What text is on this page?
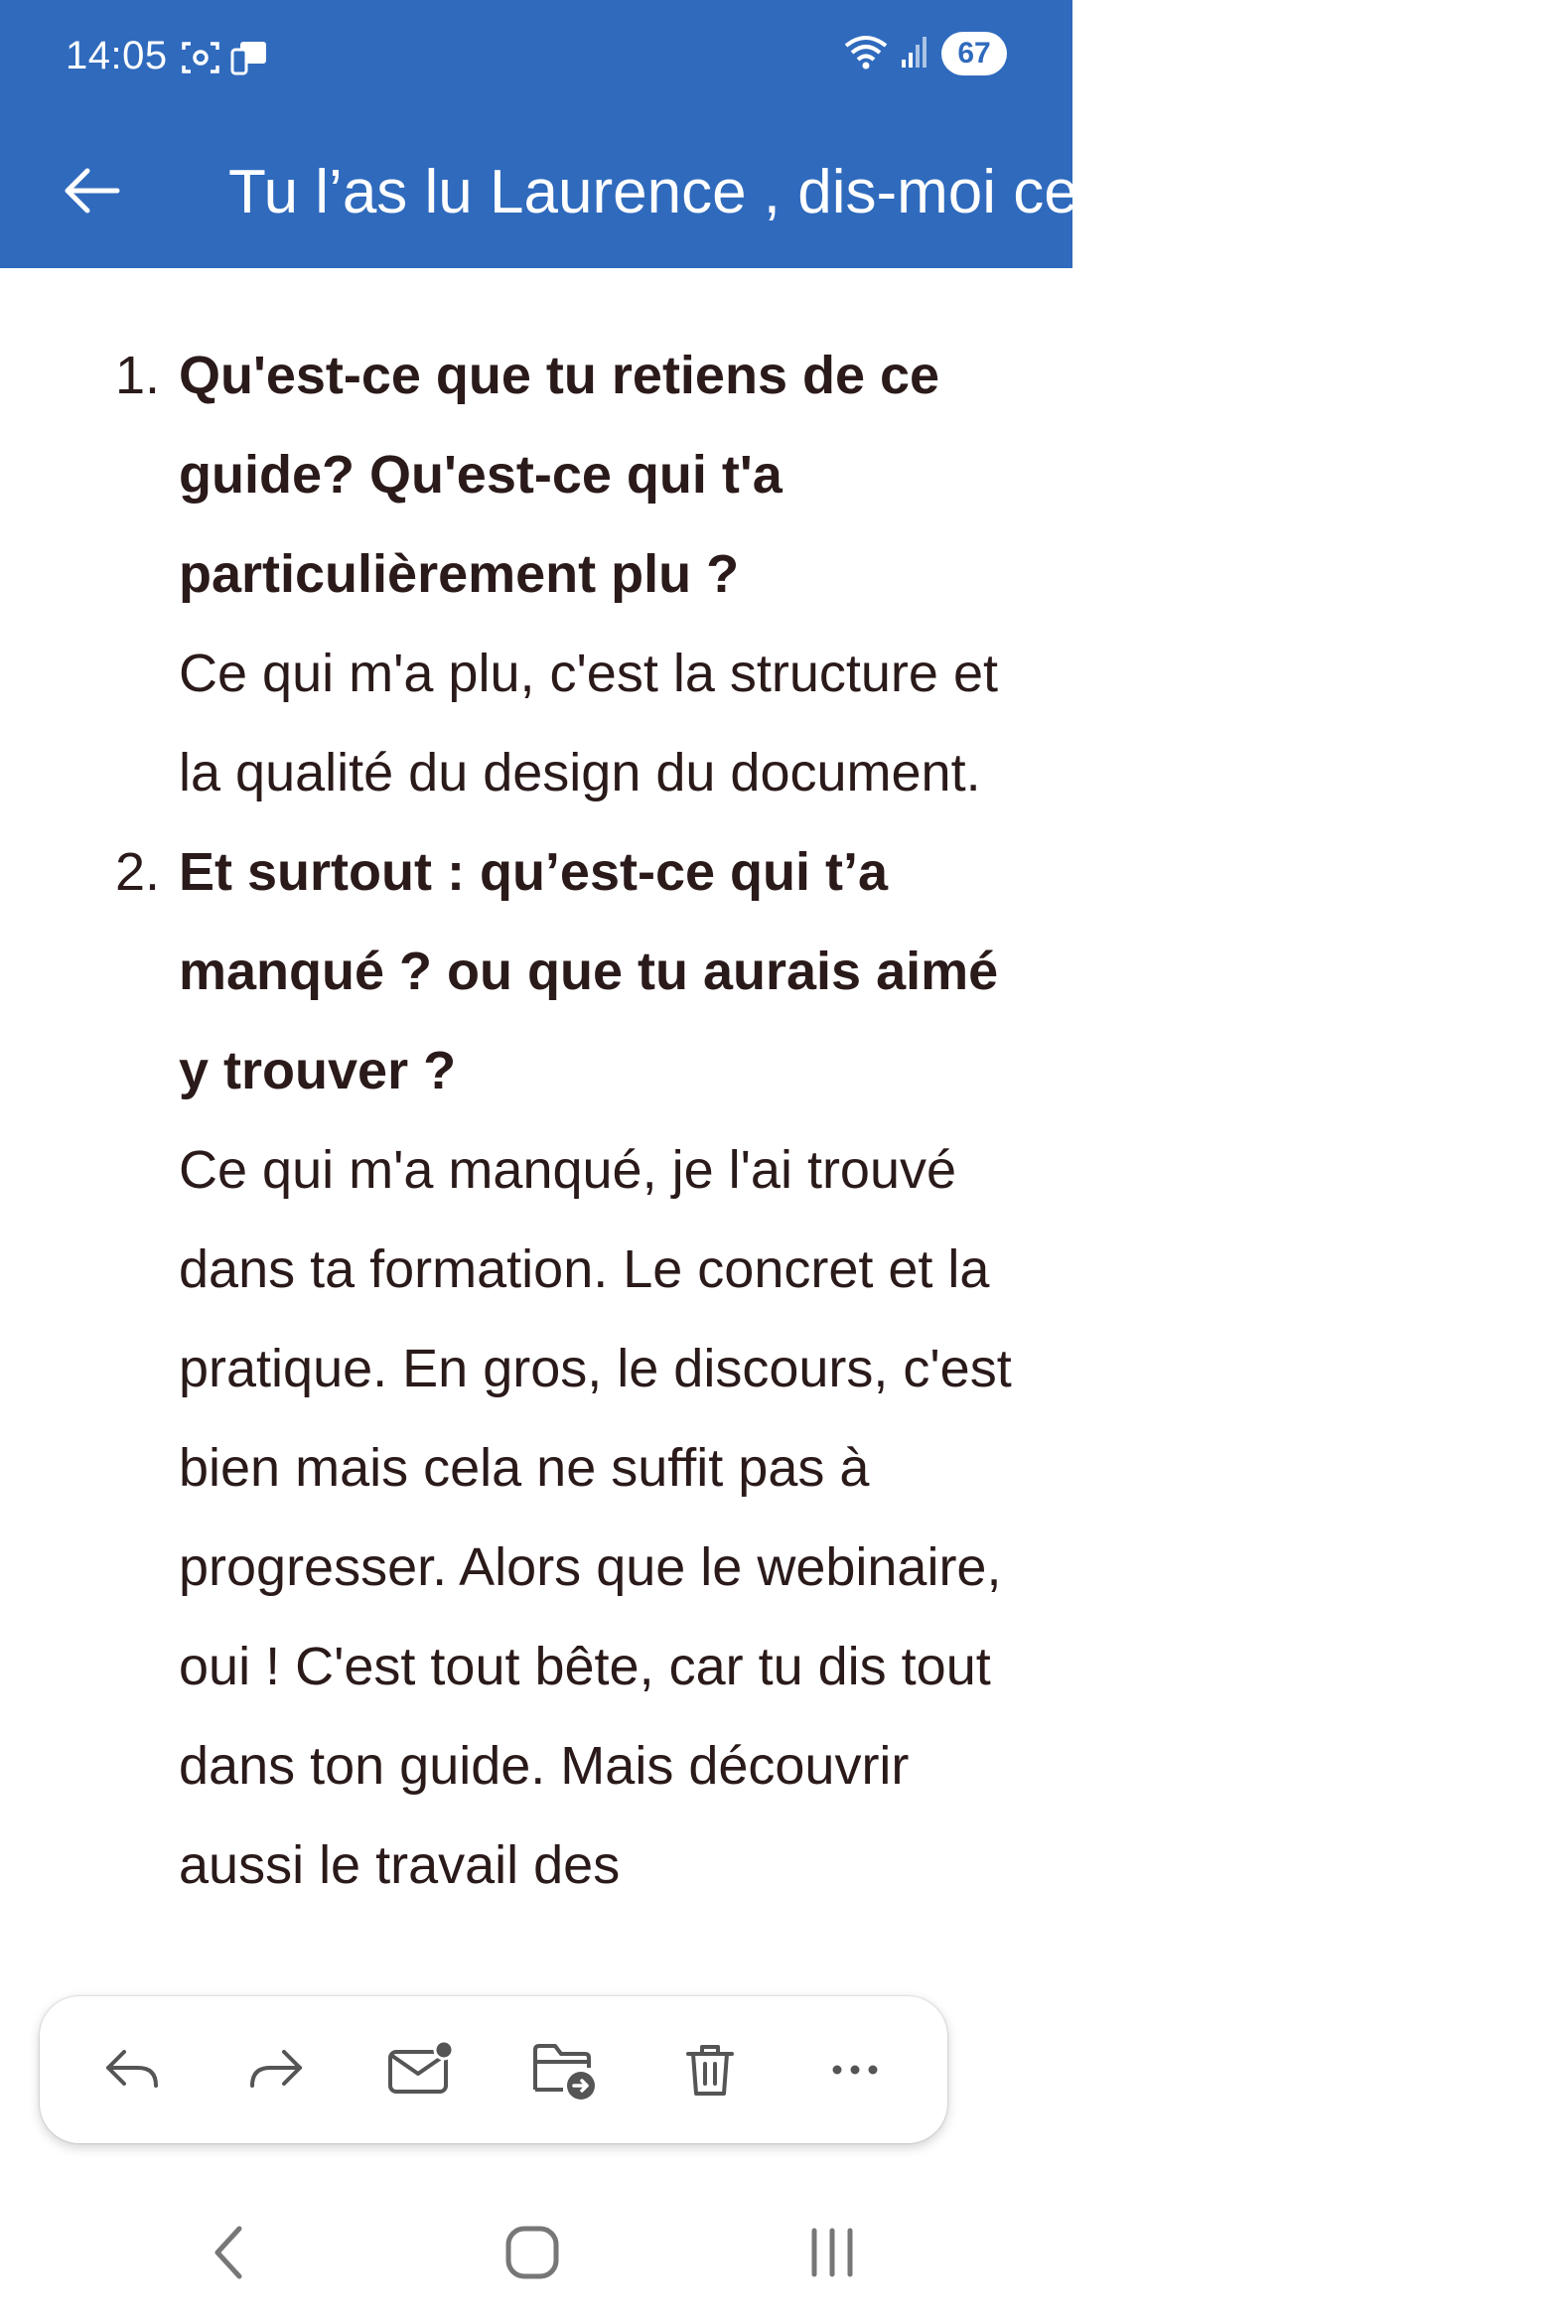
14:05	67
Tu l’as lu Laurence , dis-moi ce que tu en penses
1. Qu'est-ce que tu retiens de ce guide? Qu'est-ce qui t'a particulièrement plu ?
Ce qui m'a plu, c'est la structure et la qualité du design du document.
2. Et surtout : qu’est-ce qui t’a manqué ? ou que tu aurais aimé y trouver ?
Ce qui m'a manqué, je l'ai trouvé dans ta formation. Le concret et la pratique. En gros, le discours, c'est bien mais cela ne suffit pas à progresser. Alors que le webinaire, oui ! C'est tout bête, car tu dis tout dans ton guide. Mais découvrir aussi le travail des
